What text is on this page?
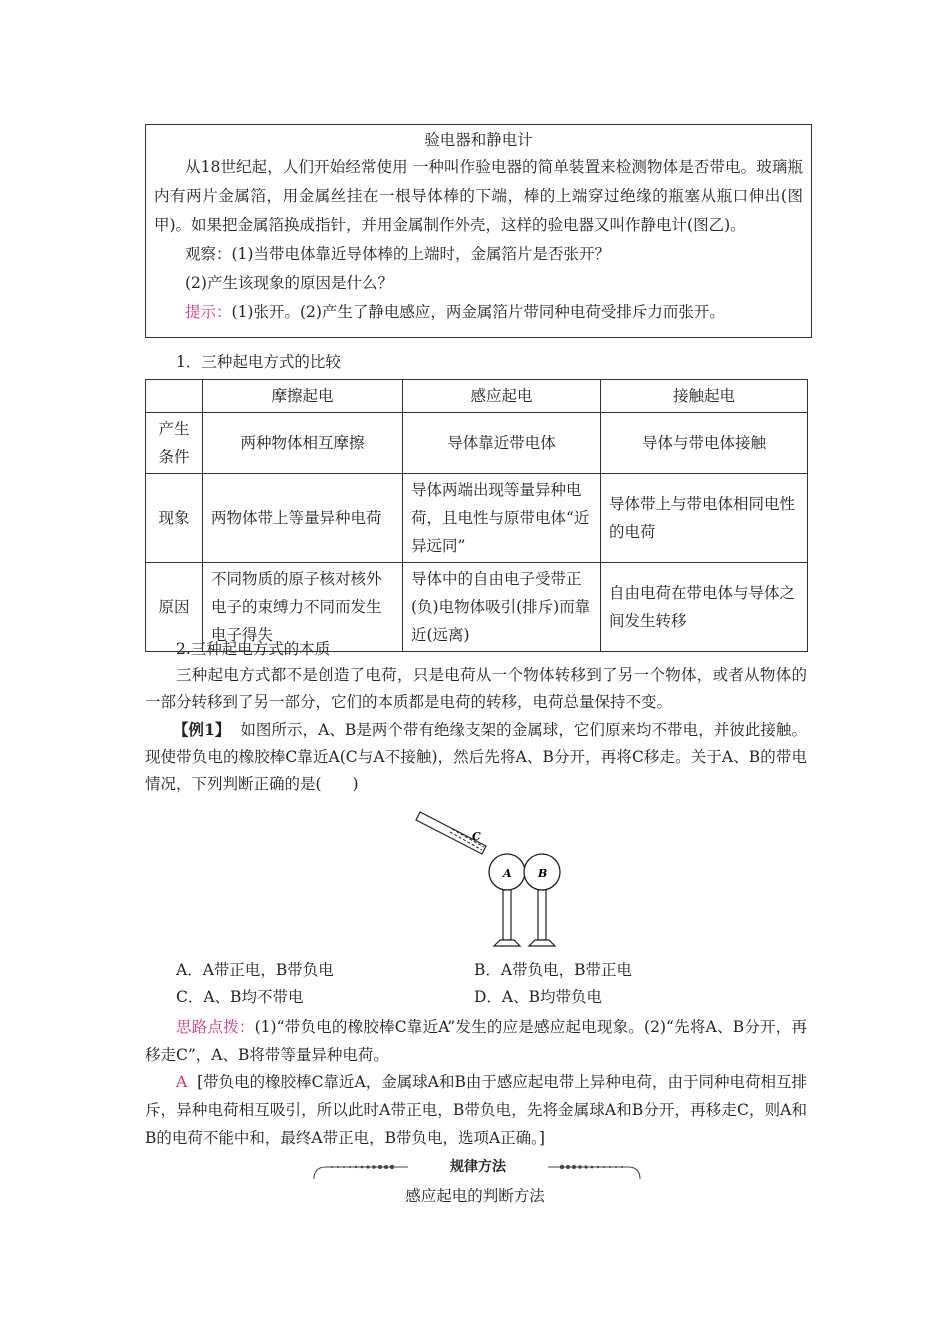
验电器和静电计
从18世纪起，人们开始经常使用 一种叫作验电器的简单装置来检测物体是否带电。玻璃瓶内有两片金属箔，用金属丝挂在一根导体棒的下端，棒的上端穿过绝缘的瓶塞从瓶口伸出(图甲)。如果把金属箔换成指针，并用金属制作外壳，这样的验电器又叫作静电计(图乙)。
观察：(1)当带电体靠近导体棒的上端时，金属箔片是否张开？
(2)产生该现象的原因是什么？
提示：(1)张开。(2)产生了静电感应，两金属箔片带同种电荷受排斥力而张开。
1．三种起电方式的比较
	摩擦起电	感应起电	接触起电
产生条件	两种物体相互摩擦	导体靠近带电体	导体与带电体接触
现象	两物体带上等量异种电荷	导体两端出现等量异种电荷，且电性与原带电体“近异远同”	导体带上与带电体相同电性的电荷
原因	不同物质的原子核对核外电子的束缚力不同而发生电子得失	导体中的自由电子受带正(负)电物体吸引(排斥)而靠近(远离)	自由电荷在带电体与导体之间发生转移
2.三种起电方式的本质
三种起电方式都不是创造了电荷，只是电荷从一个物体转移到了另一个物体，或者从物体的一部分转移到了另一部分，它们的本质都是电荷的转移，电荷总量保持不变。
【例1】 如图所示，A、B是两个带有绝缘支架的金属球，它们原来均不带电，并彼此接触。现使带负电的橡胶棒C靠近A(C与A不接触)，然后先将A、B分开，再将C移走。关于A、B的带电情况，下列判断正确的是(　　)
C
A B
A．A带正电，B带负电	B．A带负电，B带正电
C．A、B均不带电	D．A、B均带负电
思路点拨：(1)“带负电的橡胶棒C靠近A”发生的应是感应起电现象。(2)“先将A、B分开，再移走C”，A、B将带等量异种电荷。
A [带负电的橡胶棒C靠近A，金属球A和B由于感应起电带上异种电荷，由于同种电荷相互排斥，异种电荷相互吸引，所以此时A带正电，B带负电，先将金属球A和B分开，再移走C，则A和B的电荷不能中和，最终A带正电，B带负电，选项A正确。]
规律方法
感应起电的判断方法
